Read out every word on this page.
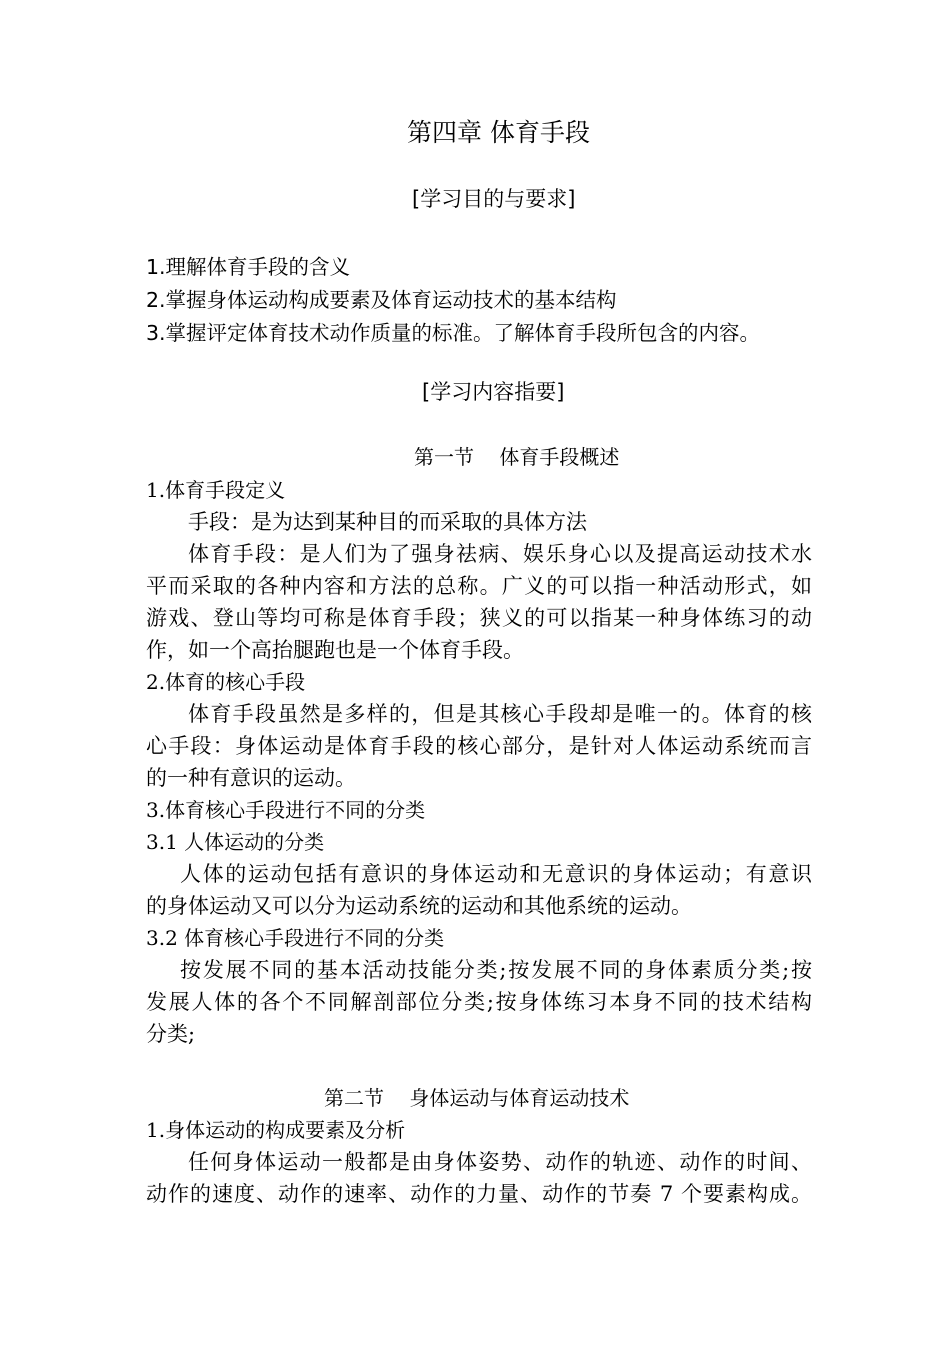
第四章 体育手段
[学习目的与要求]
1.理解体育手段的含义
2.掌握身体运动构成要素及体育运动技术的基本结构
3.掌握评定体育技术动作质量的标准。了解体育手段所包含的内容。
[学习内容指要]
第一节    体育手段概述
1.体育手段定义
手段：是为达到某种目的而采取的具体方法
体育手段：是人们为了强身祛病、娱乐身心以及提高运动技术水
平而采取的各种内容和方法的总称。广义的可以指一种活动形式，如
游戏、登山等均可称是体育手段；狭义的可以指某一种身体练习的动
作，如一个高抬腿跑也是一个体育手段。
2.体育的核心手段
体育手段虽然是多样的，但是其核心手段却是唯一的。体育的核
心手段：身体运动是体育手段的核心部分，是针对人体运动系统而言
的一种有意识的运动。
3.体育核心手段进行不同的分类
3.1 人体运动的分类
人体的运动包括有意识的身体运动和无意识的身体运动；有意识
的身体运动又可以分为运动系统的运动和其他系统的运动。
3.2 体育核心手段进行不同的分类
按发展不同的基本活动技能分类;按发展不同的身体素质分类;按
发展人体的各个不同解剖部位分类;按身体练习本身不同的技术结构
分类;
第二节    身体运动与体育运动技术
1.身体运动的构成要素及分析
任何身体运动一般都是由身体姿势、动作的轨迹、动作的时间、
动作的速度、动作的速率、动作的力量、动作的节奏 7 个要素构成。
